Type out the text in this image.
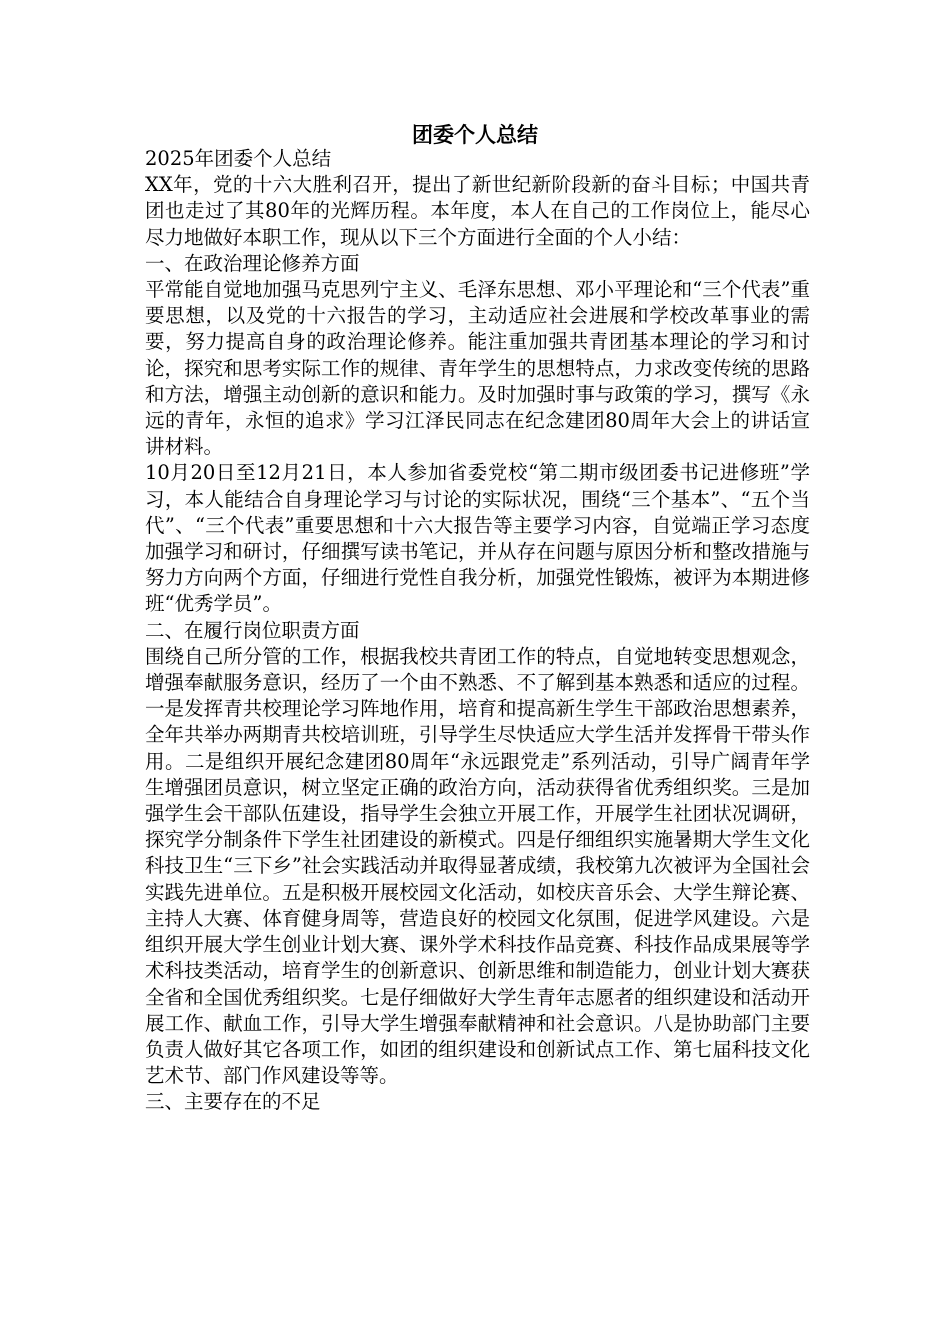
团委个人总结

2025年团委个人总结

XX年，党的十六大胜利召开，提出了新世纪新阶段新的奋斗目标；中国共青团也走过了其80年的光辉历程。本年度，本人在自己的工作岗位上，能尽心尽力地做好本职工作，现从以下三个方面进行全面的个人小结：

一、在政治理论修养方面

平常能自觉地加强马克思列宁主义、毛泽东思想、邓小平理论和“三个代表”重要思想，以及党的十六报告的学习，主动适应社会进展和学校改革事业的需要，努力提高自身的政治理论修养。能注重加强共青团基本理论的学习和讨论，探究和思考实际工作的规律、青年学生的思想特点，力求改变传统的思路和方法，增强主动创新的意识和能力。及时加强时事与政策的学习，撰写《永远的青年，永恒的追求》学习江泽民同志在纪念建团80周年大会上的讲话宣讲材料。

10月20日至12月21日，本人参加省委党校“第二期市级团委书记进修班”学习，本人能结合自身理论学习与讨论的实际状况，围绕“三个基本”、“五个当代”、“三个代表”重要思想和十六大报告等主要学习内容，自觉端正学习态度加强学习和研讨，仔细撰写读书笔记，并从存在问题与原因分析和整改措施与努力方向两个方面，仔细进行党性自我分析，加强党性锻炼，被评为本期进修班“优秀学员”。

二、在履行岗位职责方面

围绕自己所分管的工作，根据我校共青团工作的特点，自觉地转变思想观念，增强奉献服务意识，经历了一个由不熟悉、不了解到基本熟悉和适应的过程。一是发挥青共校理论学习阵地作用，培育和提高新生学生干部政治思想素养，全年共举办两期青共校培训班，引导学生尽快适应大学生活并发挥骨干带头作用。二是组织开展纪念建团80周年“永远跟党走”系列活动，引导广阔青年学生增强团员意识，树立坚定正确的政治方向，活动获得省优秀组织奖。三是加强学生会干部队伍建设，指导学生会独立开展工作，开展学生社团状况调研，探究学分制条件下学生社团建设的新模式。四是仔细组织实施暑期大学生文化科技卫生“三下乡”社会实践活动并取得显著成绩，我校第九次被评为全国社会实践先进单位。五是积极开展校园文化活动，如校庆音乐会、大学生辩论赛、主持人大赛、体育健身周等，营造良好的校园文化氛围，促进学风建设。六是组织开展大学生创业计划大赛、课外学术科技作品竞赛、科技作品成果展等学术科技类活动，培育学生的创新意识、创新思维和制造能力，创业计划大赛获全省和全国优秀组织奖。七是仔细做好大学生青年志愿者的组织建设和活动开展工作、献血工作，引导大学生增强奉献精神和社会意识。八是协助部门主要负责人做好其它各项工作，如团的组织建设和创新试点工作、第七届科技文化艺术节、部门作风建设等等。

三、主要存在的不足
